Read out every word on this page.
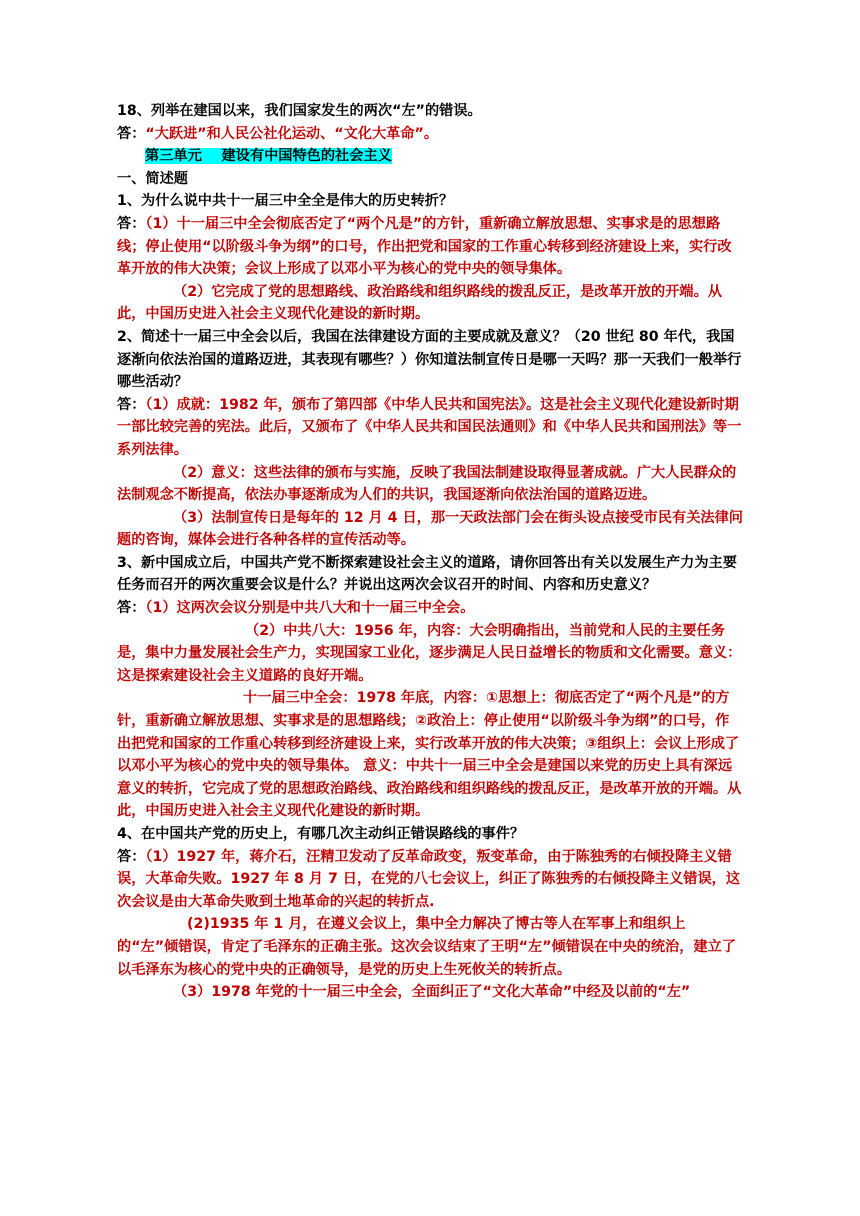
18、列举在建国以来，我们国家发生的两次“左”的错误。

答：“大跃进”和人民公社化运动、“文化大革命”。

第三单元 建设有中国特色的社会主义

一、简述题

1、为什么说中共十一届三中全全是伟大的历史转折？

答：（1）十一届三中全会彻底否定了“两个凡是”的方针，重新确立解放思想、实事求是的思想路线；停止使用“以阶级斗争为纲”的口号，作出把党和国家的工作重心转移到经济建设上来，实行改革开放的伟大决策；会议上形成了以邓小平为核心的党中央的领导集体。

（2）它完成了党的思想路线、政治路线和组织路线的拨乱反正，是改革开放的开端。从此，中国历史进入社会主义现代化建设的新时期。

2、简述十一届三中全会以后，我国在法律建设方面的主要成就及意义？（20 世纪 80 年代，我国逐渐向依法治国的道路迈进，其表现有哪些？）你知道法制宣传日是哪一天吗？那一天我们一般举行哪些活动？

答：（1）成就：1982 年，颁布了第四部《中华人民共和国宪法》。这是社会主义现代化建设新时期一部比较完善的宪法。此后，又颁布了《中华人民共和国民法通则》和《中华人民共和国刑法》等一系列法律。

（2）意义：这些法律的颁布与实施，反映了我国法制建设取得显著成就。广大人民群众的法制观念不断提高，依法办事逐渐成为人们的共识，我国逐渐向依法治国的道路迈进。

（3）法制宣传日是每年的 12 月 4 日，那一天政法部门会在街头设点接受市民有关法律问题的咨询，媒体会进行各种各样的宣传活动等。

3、新中国成立后，中国共产党不断探索建设社会主义的道路，请你回答出有关以发展生产力为主要任务而召开的两次重要会议是什么？并说出这两次会议召开的时间、内容和历史意义？

答：（1）这两次会议分别是中共八大和十一届三中全会。

（2）中共八大：1956 年，内容：大会明确指出，当前党和人民的主要任务是，集中力量发展社会生产力，实现国家工业化，逐步满足人民日益增长的物质和文化需要。意义：这是探索建设社会主义道路的良好开端。

十一届三中全会：1978 年底，内容：①思想上：彻底否定了“两个凡是”的方针，重新确立解放思想、实事求是的思想路线；②政治上：停止使用“以阶级斗争为纲”的口号，作出把党和国家的工作重心转移到经济建设上来，实行改革开放的伟大决策；③组织上：会议上形成了以邓小平为核心的党中央的领导集体。 意义：中共十一届三中全会是建国以来党的历史上具有深远意义的转折，它完成了党的思想政治路线、政治路线和组织路线的拨乱反正，是改革开放的开端。从此，中国历史进入社会主义现代化建设的新时期。

4、在中国共产党的历史上，有哪几次主动纠正错误路线的事件？

答：（1）1927 年，蒋介石，汪精卫发动了反革命政变，叛变革命，由于陈独秀的右倾投降主义错误，大革命失败。1927 年 8 月 7 日，在党的八七会议上，纠正了陈独秀的右倾投降主义错误，这次会议是由大革命失败到土地革命的兴起的转折点.

(2)1935 年 1 月，在遵义会议上，集中全力解决了博古等人在军事上和组织上的“左”倾错误，肯定了毛泽东的正确主张。这次会议结束了王明“左”倾错误在中央的统治，建立了以毛泽东为核心的党中央的正确领导，是党的历史上生死攸关的转折点。

（3）1978 年党的十一届三中全会，全面纠正了“文化大革命”中经及以前的“左”
